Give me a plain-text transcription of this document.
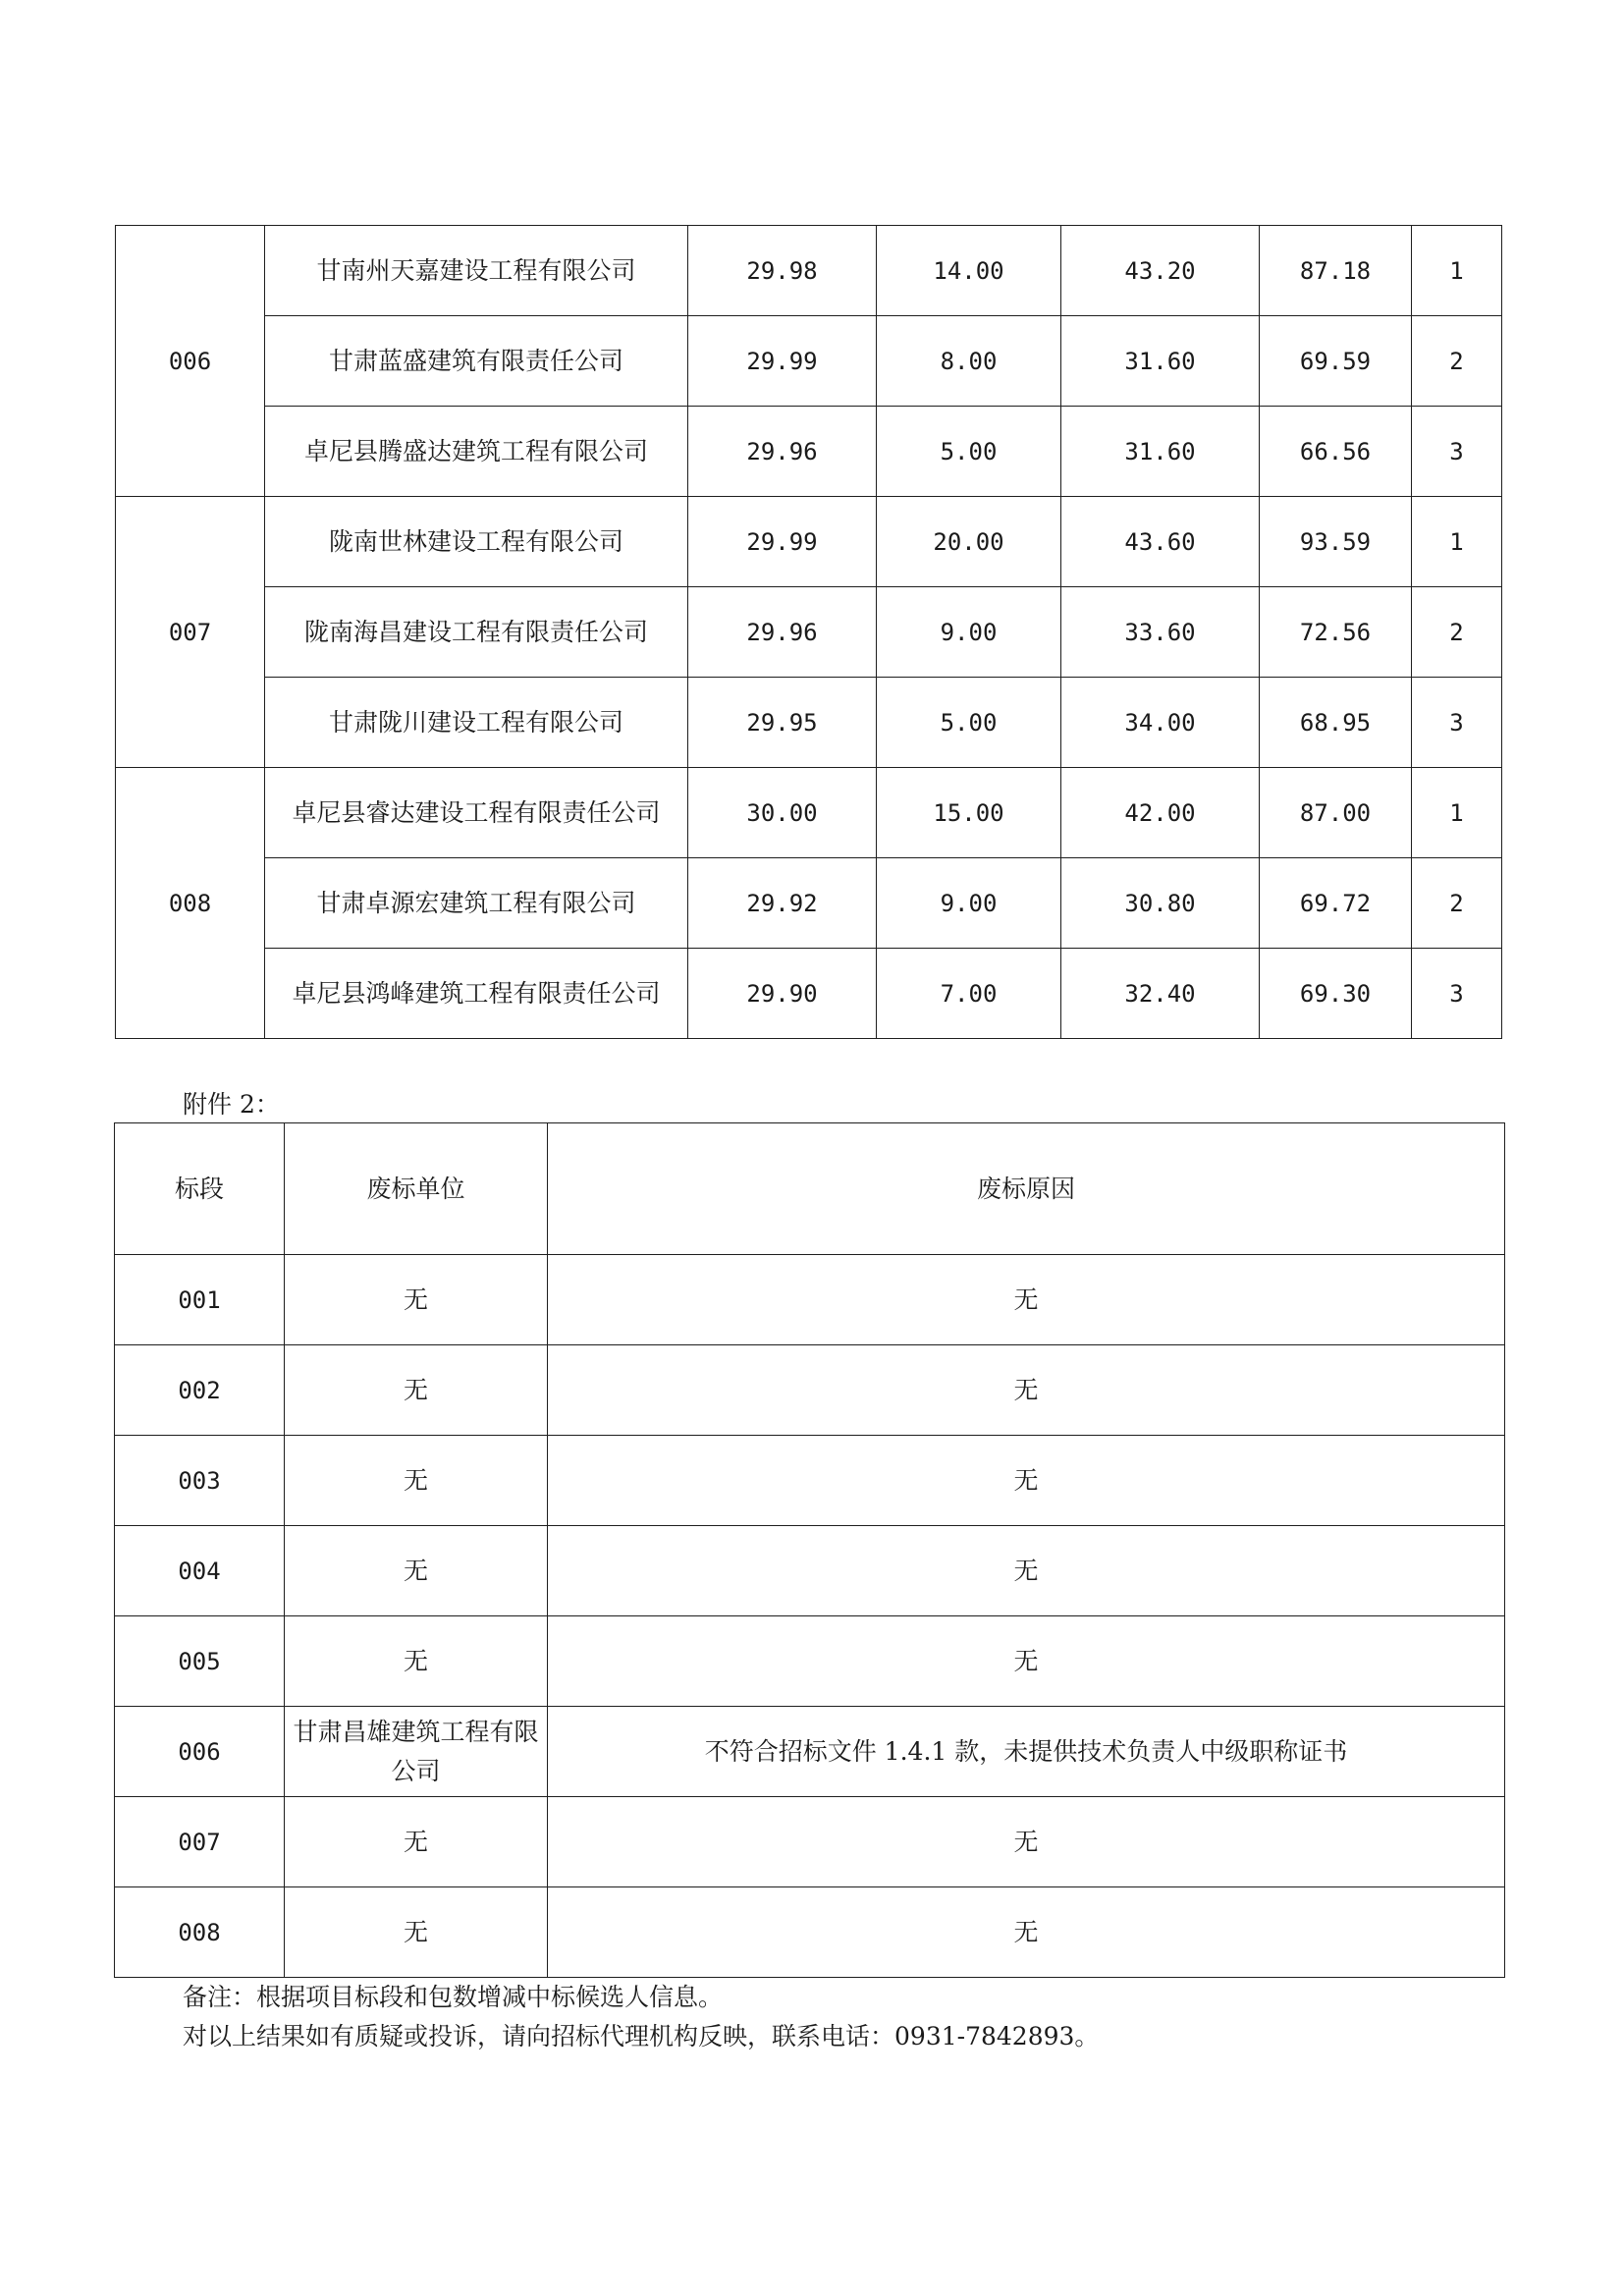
006	甘南州天嘉建设工程有限公司	29.98	14.00	43.20	87.18	1
	甘肃蓝盛建筑有限责任公司	29.99	8.00	31.60	69.59	2
	卓尼县腾盛达建筑工程有限公司	29.96	5.00	31.60	66.56	3
007	陇南世林建设工程有限公司	29.99	20.00	43.60	93.59	1
	陇南海昌建设工程有限责任公司	29.96	9.00	33.60	72.56	2
	甘肃陇川建设工程有限公司	29.95	5.00	34.00	68.95	3
008	卓尼县睿达建设工程有限责任公司	30.00	15.00	42.00	87.00	1
	甘肃卓源宏建筑工程有限公司	29.92	9.00	30.80	69.72	2
	卓尼县鸿峰建筑工程有限责任公司	29.90	7.00	32.40	69.30	3
附件 2：
标段	废标单位	废标原因
001	无	无
002	无	无
003	无	无
004	无	无
005	无	无
006	甘肃昌雄建筑工程有限公司	不符合招标文件 1.4.1 款，未提供技术负责人中级职称证书
007	无	无
008	无	无
备注：根据项目标段和包数增减中标候选人信息。
对以上结果如有质疑或投诉，请向招标代理机构反映，联系电话：0931-7842893。
